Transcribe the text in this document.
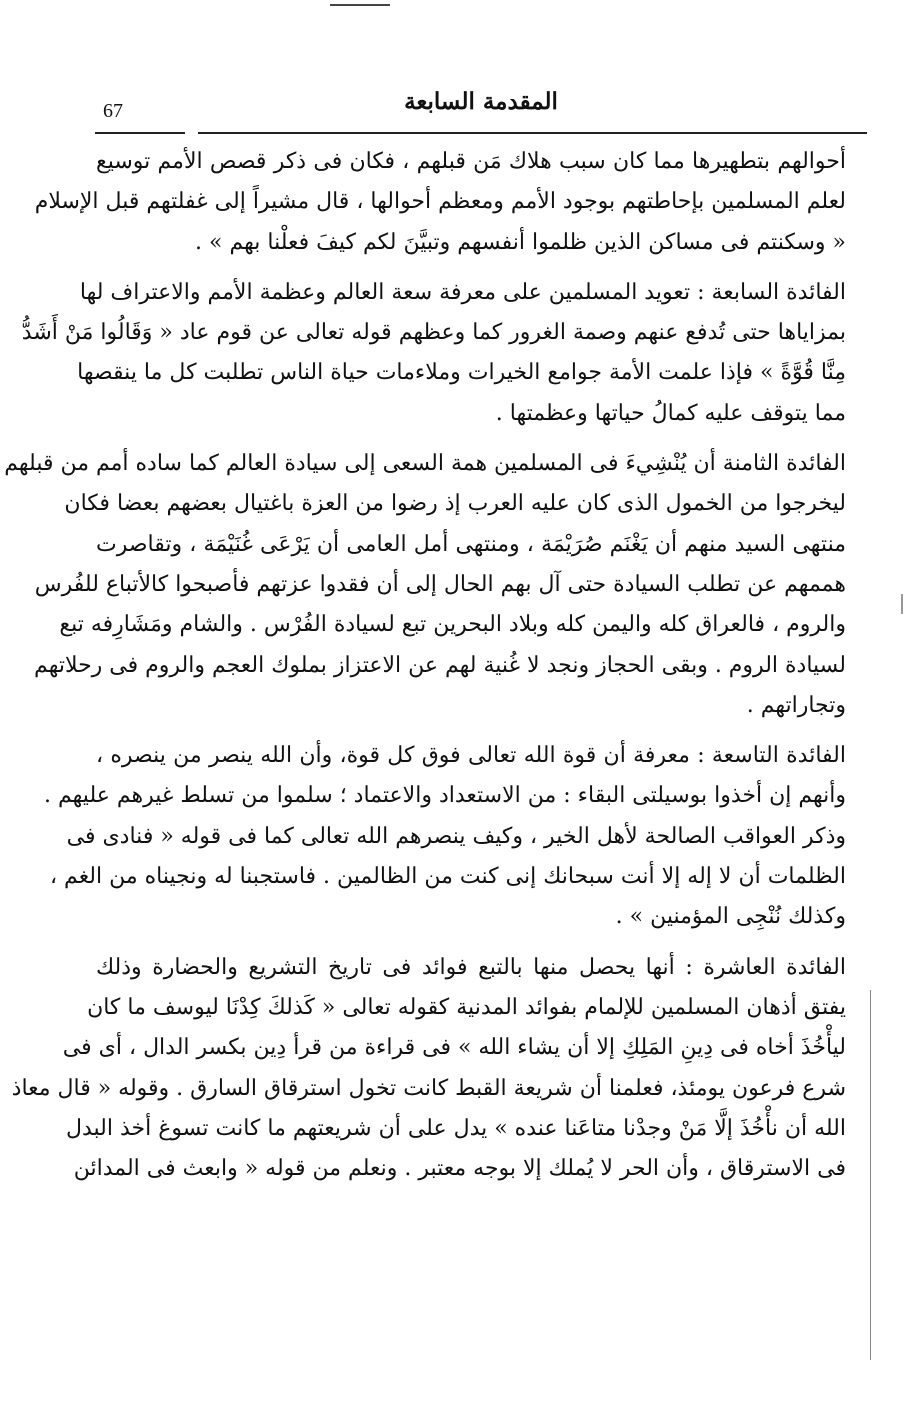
67	المقدمة السابعة
أحوالهم بتطهيرها مما كان سبب هلاك مَن قبلهم ، فكان فى ذكر قصص الأمم توسيع
لعلم المسلمين بإحاطتهم بوجود الأمم ومعظم أحوالها ، قال مشيراً إلى غفلتهم قبل الإسلام
« وسكنتم فى مساكن الذين ظلموا أنفسهم وتبيَّنَ لكم كيفَ فعلْنا بهم » .
الفائدة السابعة : تعويد المسلمين على معرفة سعة العالم وعظمة الأمم والاعتراف لها
بمزاياها حتى تُدفع عنهم وصمة الغرور كما وعظهم قوله تعالى عن قوم عاد « وَقَالُوا مَنْ أَشَدُّ
مِنَّا قُوَّةً » فإذا علمت الأمة جوامع الخيرات وملاءمات حياة الناس تطلبت كل ما ينقصها
مما يتوقف عليه كمالُ حياتها وعظمتها .
الفائدة الثامنة أن يُنْشِيءَ فى المسلمين همة السعى إلى سيادة العالم كما ساده أمم من قبلهم
ليخرجوا من الخمول الذى كان عليه العرب إذ رضوا من العزة باغتيال بعضهم بعضا فكان
منتهى السيد منهم أن يَغْنَم صُرَيْمَة ، ومنتهى أمل العامى أن يَرْعَى غُنَيْمَة ، وتقاصرت
هممهم عن تطلب السيادة حتى آل بهم الحال إلى أن فقدوا عزتهم فأصبحوا كالأتباع للفُرس
والروم ، فالعراق كله واليمن كله وبلاد البحرين تبع لسيادة الفُرْس . والشام ومَشَارِفه تبع
لسيادة الروم . وبقى الحجاز ونجد لا غُنية لهم عن الاعتزاز بملوك العجم والروم فى رحلاتهم
وتجاراتهم .
الفائدة التاسعة : معرفة أن قوة الله تعالى فوق كل قوة، وأن الله ينصر من ينصره ،
وأنهم إن أخذوا بوسيلتى البقاء : من الاستعداد والاعتماد ؛ سلموا من تسلط غيرهم عليهم .
وذكر العواقب الصالحة لأهل الخير ، وكيف ينصرهم الله تعالى كما فى قوله « فنادى فى
الظلمات أن لا إله إلا أنت سبحانك إنى كنت من الظالمين . فاستجبنا له ونجيناه من الغم ،
وكذلك نُنْجِى المؤمنين » .
الفائدة العاشرة : أنها يحصل منها بالتبع فوائد فى تاريخ التشريع والحضارة وذلك
يفتق أذهان المسلمين للإلمام بفوائد المدنية كقوله تعالى « كَذلكَ كِدْنَا ليوسف ما كان
ليأْخُذَ أخاه فى دِينِ المَلِكِ إلا أن يشاء الله » فى قراءة من قرأ دِين بكسر الدال ، أى فى
شرع فرعون يومئذ، فعلمنا أن شريعة القبط كانت تخول استرقاق السارق . وقوله « قال معاذ
الله أن نأْخُذَ إلَّا مَنْ وجدْنا متاعَنا عنده » يدل على أن شريعتهم ما كانت تسوغ أخذ البدل
فى الاسترقاق ، وأن الحر لا يُملك إلا بوجه معتبر . ونعلم من قوله « وابعث فى المدائن
